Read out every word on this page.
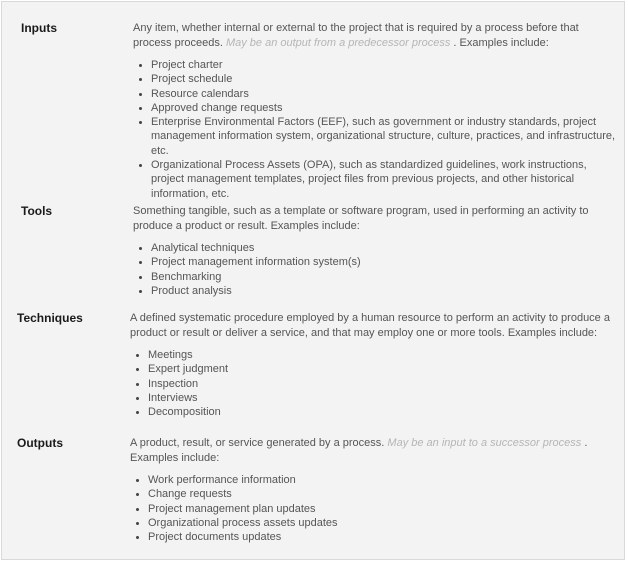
Inputs	Any item, whether internal or external to the project that is required by a process before that process proceeds. May be an output from a predecessor process . Examples include:

• Project charter
• Project schedule
• Resource calendars
• Approved change requests
• Enterprise Environmental Factors (EEF), such as government or industry standards, project management information system, organizational structure, culture, practices, and infrastructure, etc.
• Organizational Process Assets (OPA), such as standardized guidelines, work instructions, project management templates, project files from previous projects, and other historical information, etc.
Tools	Something tangible, such as a template or software program, used in performing an activity to produce a product or result. Examples include:

• Analytical techniques
• Project management information system(s)
• Benchmarking
• Product analysis
Techniques	A defined systematic procedure employed by a human resource to perform an activity to produce a product or result or deliver a service, and that may employ one or more tools. Examples include:

• Meetings
• Expert judgment
• Inspection
• Interviews
• Decomposition
Outputs	A product, result, or service generated by a process. May be an input to a successor process . Examples include:

• Work performance information
• Change requests
• Project management plan updates
• Organizational process assets updates
• Project documents updates
